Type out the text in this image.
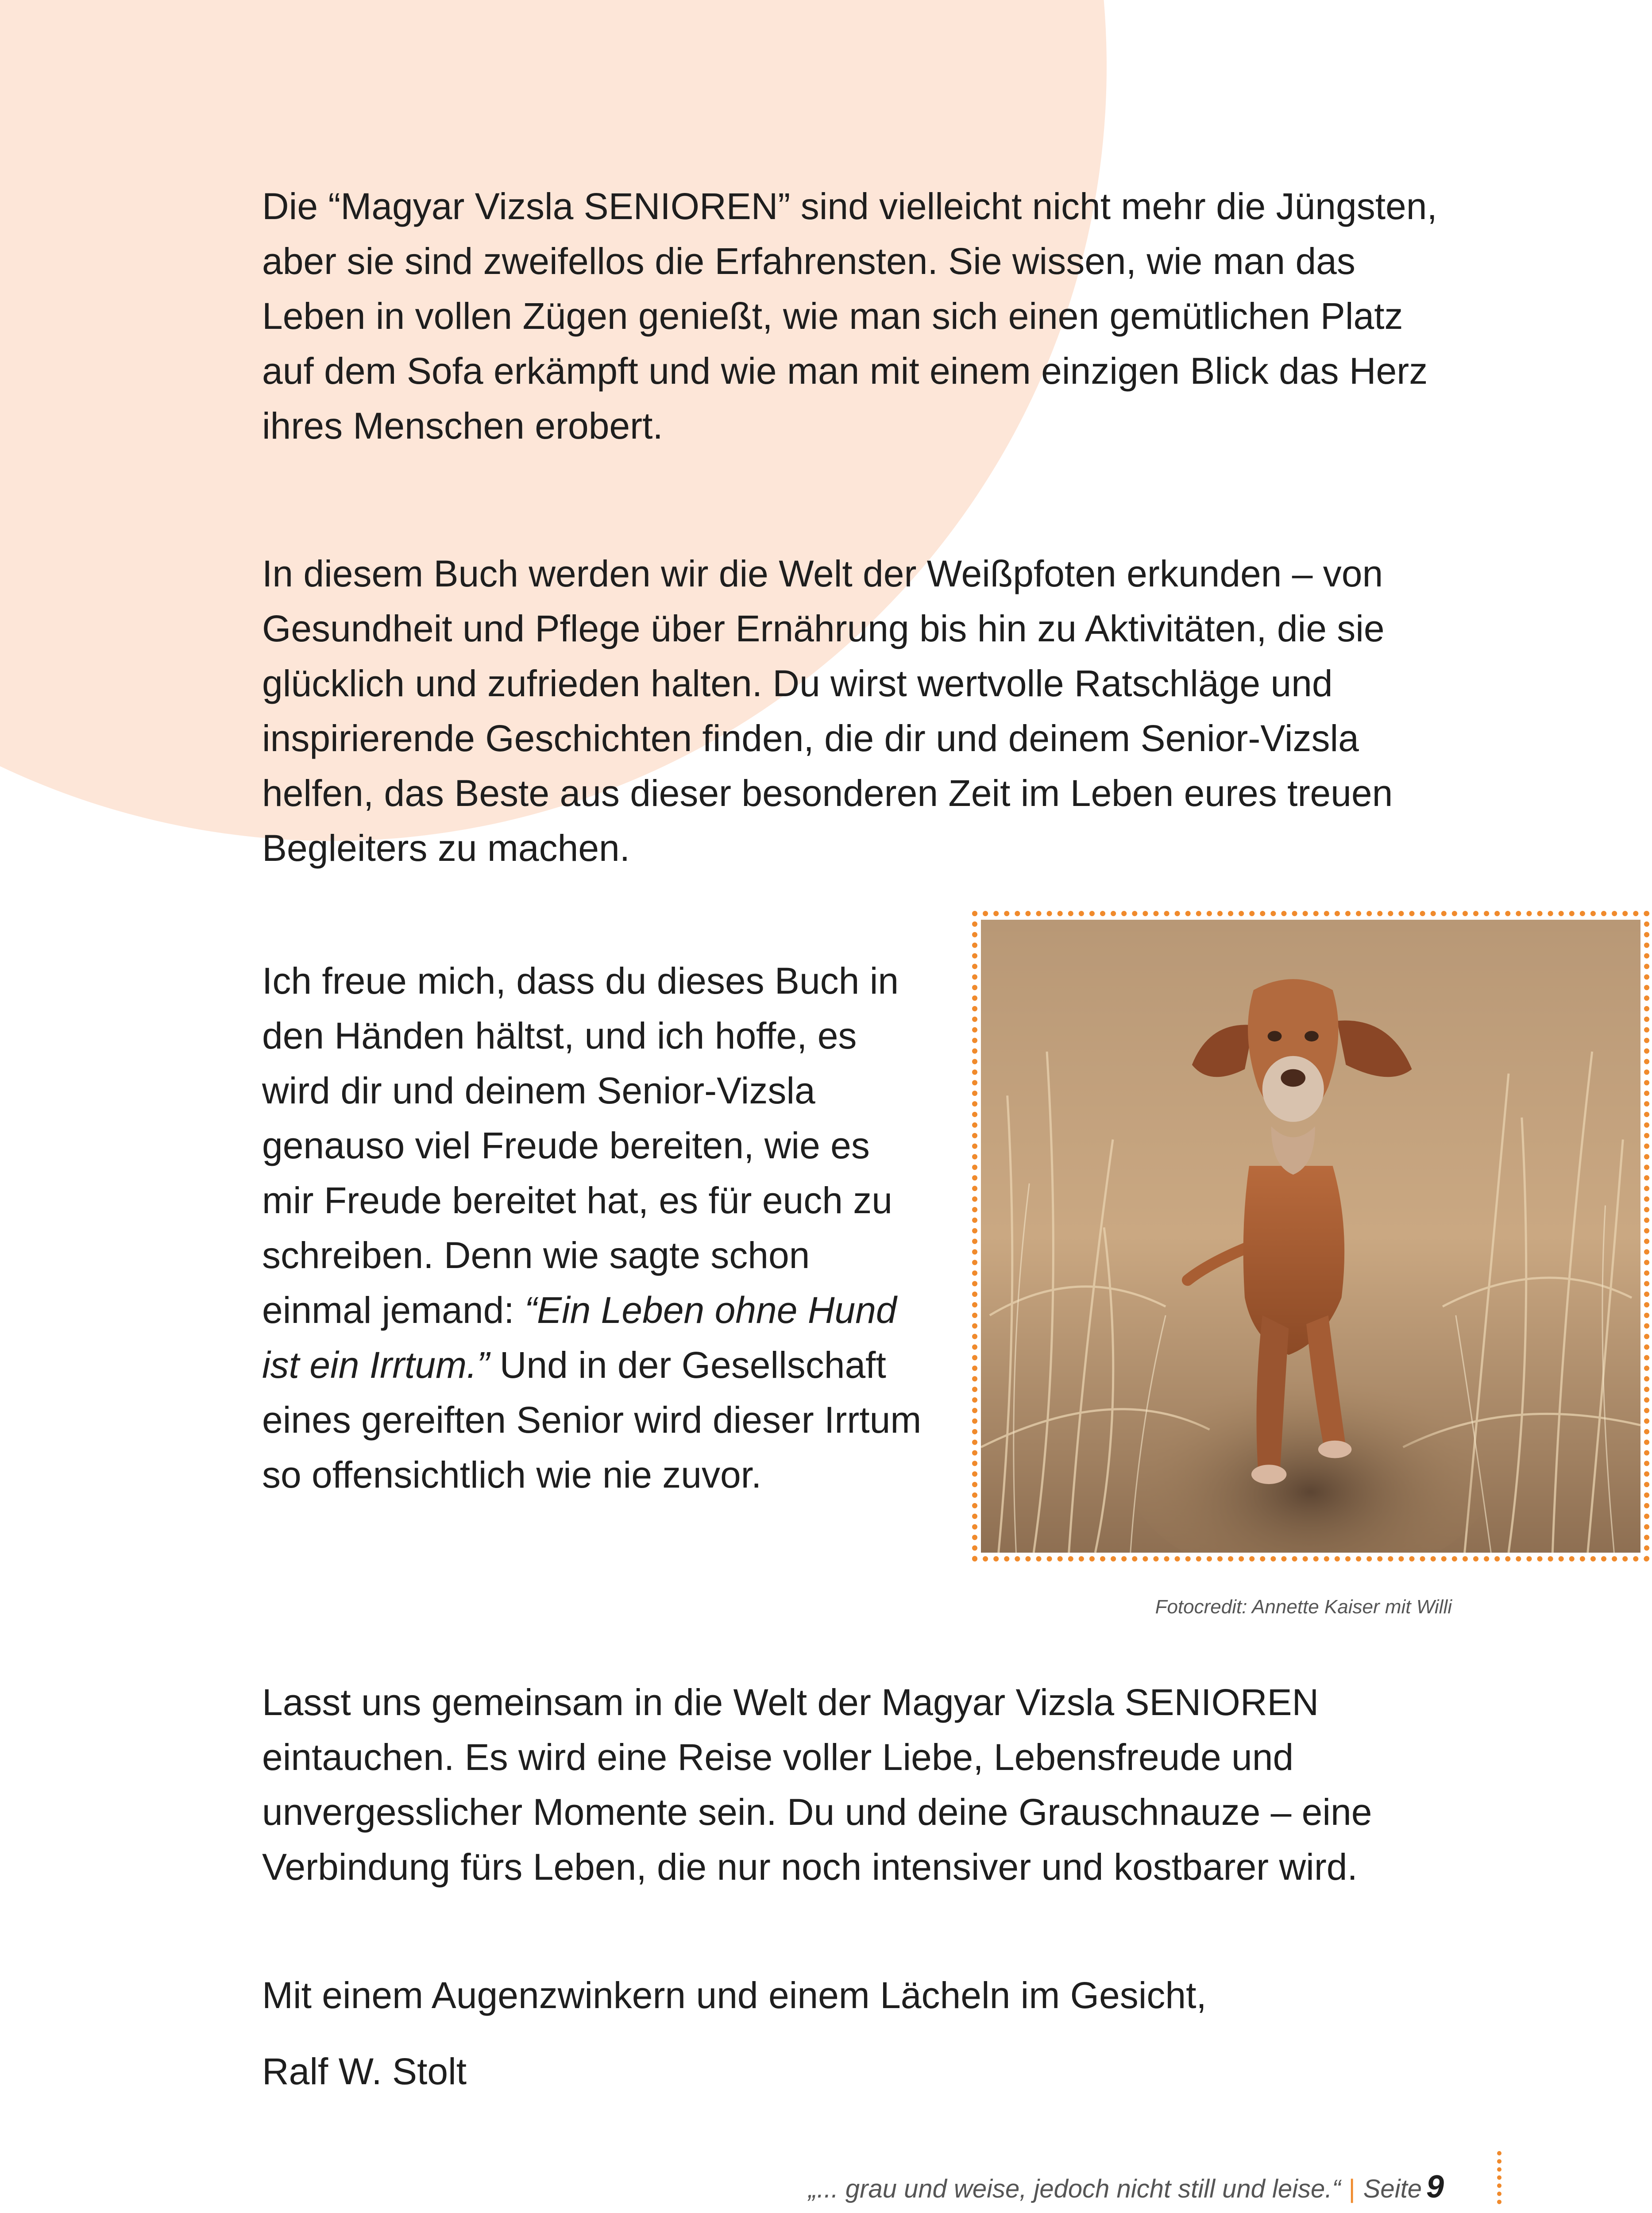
Die “Magyar Vizsla SENIOREN” sind vielleicht nicht mehr die Jüngsten, aber sie sind zweifellos die Erfahrensten. Sie wissen, wie man das Leben in vollen Zügen genießt, wie man sich einen gemütlichen Platz auf dem Sofa erkämpft und wie man mit einem einzigen Blick das Herz ihres Menschen erobert.

In diesem Buch werden wir die Welt der Weißpfoten erkunden – von Gesundheit und Pflege über Ernährung bis hin zu Aktivitäten, die sie glücklich und zufrieden halten. Du wirst wertvolle Ratschläge und inspirierende Geschichten finden, die dir und deinem Senior-Vizsla helfen, das Beste aus dieser besonderen Zeit im Leben eures treuen Begleiters zu machen.

Ich freue mich, dass du dieses Buch in den Händen hältst, und ich hoffe, es wird dir und deinem Senior-Vizsla genauso viel Freude bereiten, wie es mir Freude bereitet hat, es für euch zu schreiben. Denn wie sagte schon einmal jemand: “Ein Leben ohne Hund ist ein Irrtum.” Und in der Gesellschaft eines gereiften Senior wird dieser Irrtum so offensichtlich wie nie zuvor.

Fotocredit: Annette Kaiser mit Willi

Lasst uns gemeinsam in die Welt der Magyar Vizsla SENIOREN eintauchen. Es wird eine Reise voller Liebe, Lebensfreude und unvergesslicher Momente sein. Du und deine Grauschnauze – eine Verbindung fürs Leben, die nur noch intensiver und kostbarer wird.

Mit einem Augenzwinkern und einem Lächeln im Gesicht,

Ralf W. Stolt

„... grau und weise, jedoch nicht still und leise.“ | Seite 9
